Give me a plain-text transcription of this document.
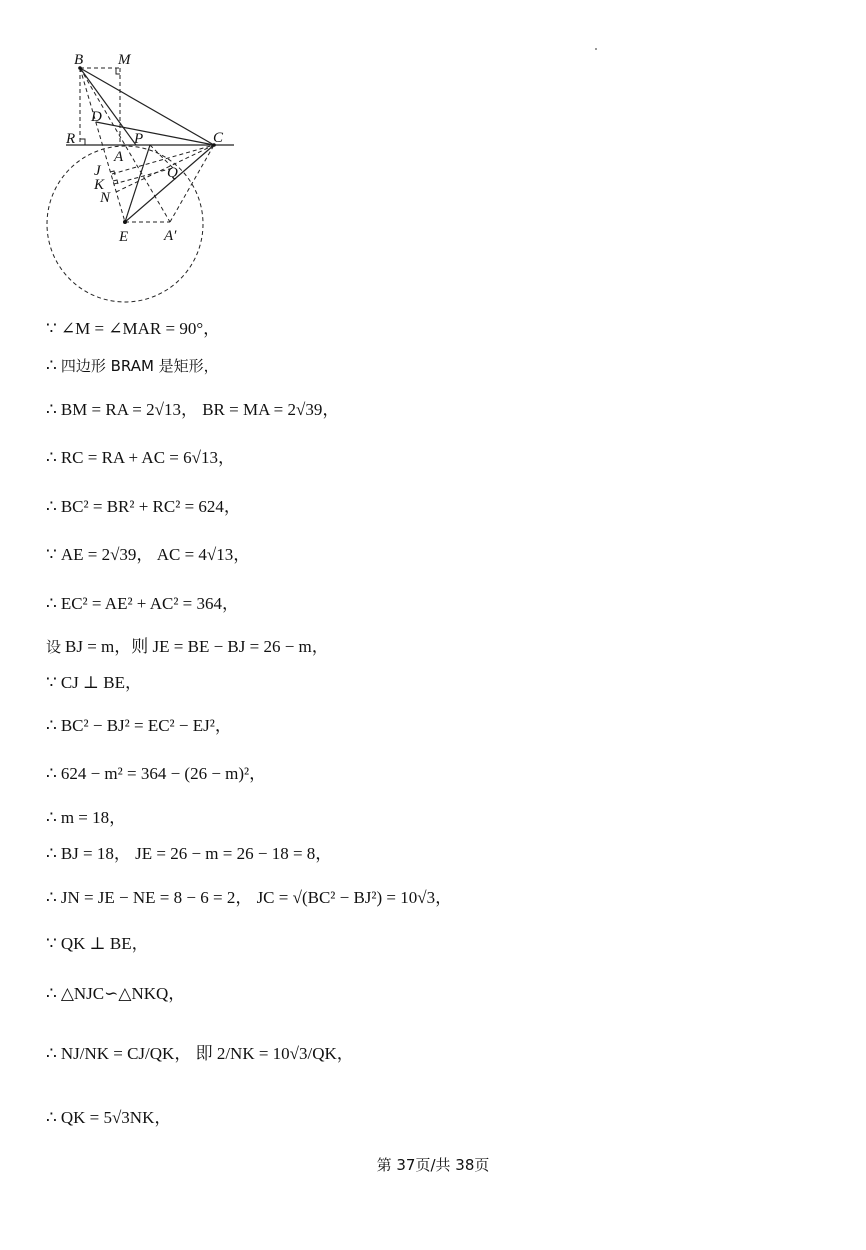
B M
D
R	P	C
A
J
K
Q
N
E A′
∵ ∠M = ∠MAR = 90°，
∴ 四边形 BRAM 是矩形，
∴ BM = RA = 2√13， BR = MA = 2√39，
∴ RC = RA + AC = 6√13，
∴ BC² = BR² + RC² = 624，
∵ AE = 2√39， AC = 4√13，
∴ EC² = AE² + AC² = 364，
设 BJ = m，则 JE = BE − BJ = 26 − m，
∵ CJ ⊥ BE，
∴ BC² − BJ² = EC² − EJ²，
∴ 624 − m² = 364 − (26 − m)²，
∴ m = 18，
∴ BJ = 18， JE = 26 − m = 26 − 18 = 8，
∴ JN = JE − NE = 8 − 6 = 2， JC = √(BC² − BJ²) = 10√3，
∵ QK ⊥ BE，
∴ △NJC∽△NKQ，
∴ NJ/NK = CJ/QK， 即 2/NK = 10√3/QK，
∴ QK = 5√3NK，
第 37页/共 38页
